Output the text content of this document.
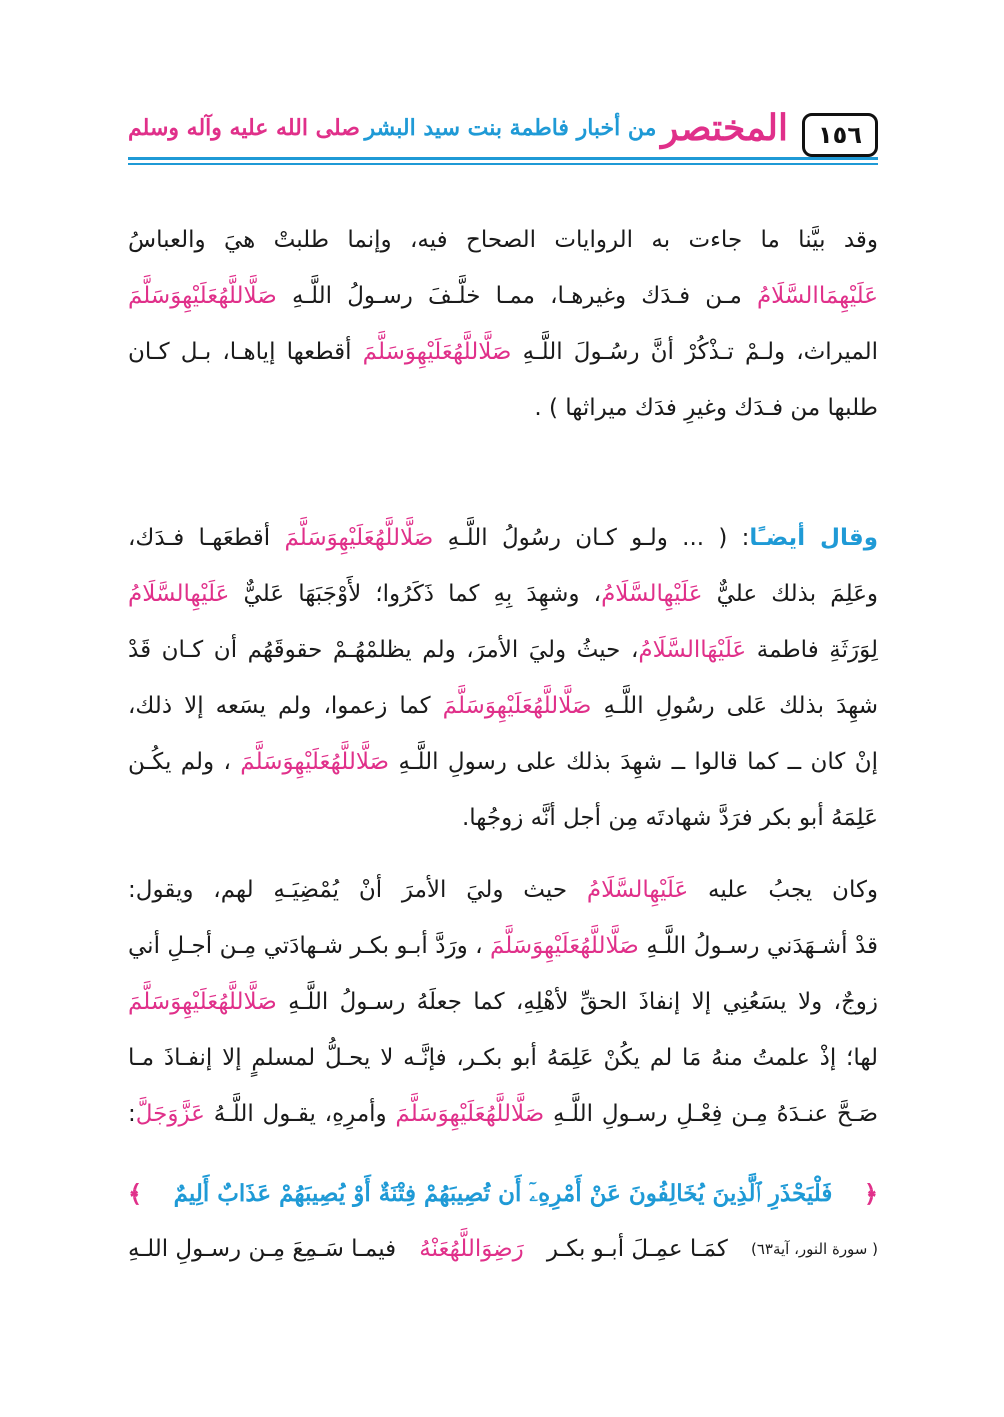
المختصر
من أخبار فاطمة بنت سيد البشر
صلى الله عليه وآله وسلم	١٥٦
وقد بيَّنا ما جاءت به الروايات الصحاح فيه، وإنما طلبتْ هيَ والعباسُ
عَلَيْهِمَاالسَّلَامُ مـن فـدَك وغيرهـا، ممـا خلَّـفَ رسـولُ اللَّـهِ صَلَّاللَّهُعَلَيْهِوَسَلَّمَ
الميراث، ولـمْ تـذْكُرْ أنَّ رسُـولَ اللَّـهِ صَلَّاللَّهُعَلَيْهِوَسَلَّمَ أقطعها إياهـا، بـل كـان
طلبها من فـدَك وغيرِ فدَك ميراثها ) .
وقال أيضـًا: ( ... ولـو كـان رسُولُ اللَّـهِ صَلَّاللَّهُعَلَيْهِوَسَلَّمَ أقطعَهـا فـدَك،
وعَلِمَ بذلك عليٌّ عَلَيْهِالسَّلَامُ، وشهِدَ بِهِ كما ذَكَرُوا؛ لأَوْجَبَهَا عَليٌّ عَلَيْهِالسَّلَامُ
لِوَرَثَةِ فاطمة عَلَيْهَاالسَّلَامُ، حيثُ وليَ الأمرَ، ولم يظلمْهُـمْ حقوقَهُم أن كـان قَدْ
شهِدَ بذلك عَلى رسُولِ اللَّـهِ صَلَّاللَّهُعَلَيْهِوَسَلَّمَ كما زعموا، ولم يسَعه إلا ذلك،
إنْ كان ــ كما قالوا ــ شهِدَ بذلك على رسولِ اللَّـهِ صَلَّاللَّهُعَلَيْهِوَسَلَّمَ ، ولم يكُـن
عَلِمَهُ أبو بكر فرَدَّ شهادتَه مِن أجل أنَّه زوجُها.
وكان يجبُ عليه عَلَيْهِالسَّلَامُ حيث وليَ الأمرَ أنْ يُمْضِيَـهِ لهم، ويقول:
قدْ أشـهَدَني رسـولُ اللَّـهِ صَلَّاللَّهُعَلَيْهِوَسَلَّمَ ، ورَدَّ أبـو بكـر شـهادَتي مِـن أجـلِ أني
زوجٌ، ولا يسَعُنِي إلا إنفاذَ الحقِّ لأهْلِهِ، كما جعلَهُ رسـولُ اللَّـهِ صَلَّاللَّهُعَلَيْهِوَسَلَّمَ
لها؛ إذْ علمتُ منهُ مَا لم يكُنْ عَلِمَهُ أبو بكـر، فإنَّـه لا يحـلُّ لمسلمٍ إلا إنفـاذَ مـا
صَـحَّ عنـدَهُ مِـن فِعْـلِ رسـولِ اللَّـهِ صَلَّاللَّهُعَلَيْهِوَسَلَّمَ وأمرِهِ، يقـول اللَّـهُ عَزَّوَجَلَّ:
﴿
فَلْيَحْذَرِ ٱلَّذِينَ يُخَالِفُونَ عَنْ أَمْرِهِۦٓ أَن تُصِيبَهُمْ فِتْنَةٌ أَوْ يُصِيبَهُمْ عَذَابٌ أَلِيمٌ
﴾
( سورة النور، آية٦٣)
كمَـا عمِـلَ أبـو بكـر
رَضِوَاللَّهُعَنْهُ
فيمـا سَـمِعَ مِـن رسـولِ اللـهِ
